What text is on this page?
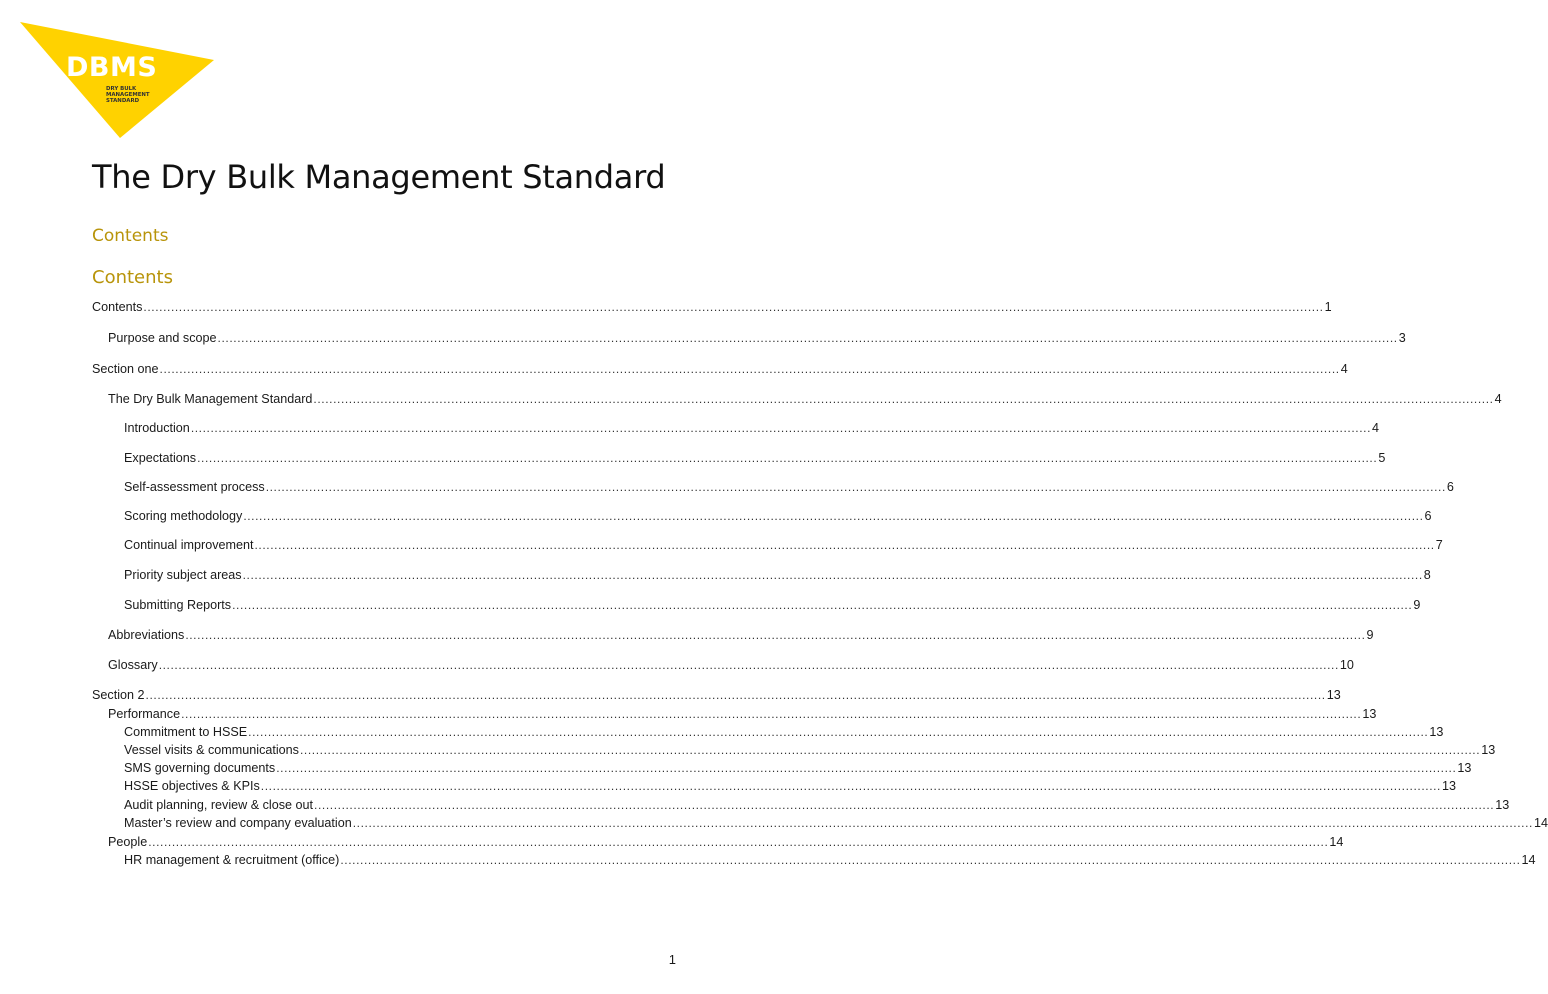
DBMS
DRY BULK
MANAGEMENT
STANDARD
The Dry Bulk Management Standard
Contents
Contents
Contents ............................................................................................................................................................................................................................................................................................................ 1
Purpose and scope ............................................................................................................................................................................................................................................................................................................ 3
Section one ............................................................................................................................................................................................................................................................................................................ 4
The Dry Bulk Management Standard ............................................................................................................................................................................................................................................................................................................ 4
Introduction ............................................................................................................................................................................................................................................................................................................ 4
Expectations ............................................................................................................................................................................................................................................................................................................ 5
Self-assessment process ............................................................................................................................................................................................................................................................................................................ 6
Scoring methodology ............................................................................................................................................................................................................................................................................................................ 6
Continual improvement ............................................................................................................................................................................................................................................................................................................ 7
Priority subject areas ............................................................................................................................................................................................................................................................................................................ 8
Submitting Reports ............................................................................................................................................................................................................................................................................................................ 9
Abbreviations ............................................................................................................................................................................................................................................................................................................ 9
Glossary ............................................................................................................................................................................................................................................................................................................ 10
Section 2 ............................................................................................................................................................................................................................................................................................................ 13
Performance ............................................................................................................................................................................................................................................................................................................ 13
Commitment to HSSE ............................................................................................................................................................................................................................................................................................................ 13
Vessel visits & communications ............................................................................................................................................................................................................................................................................................................ 13
SMS governing documents ............................................................................................................................................................................................................................................................................................................ 13
HSSE objectives & KPIs ............................................................................................................................................................................................................................................................................................................ 13
Audit planning, review & close out ............................................................................................................................................................................................................................................................................................................ 13
Master’s review and company evaluation ............................................................................................................................................................................................................................................................................................................ 14
People ............................................................................................................................................................................................................................................................................................................ 14
HR management & recruitment (office) ............................................................................................................................................................................................................................................................................................................ 14
1
